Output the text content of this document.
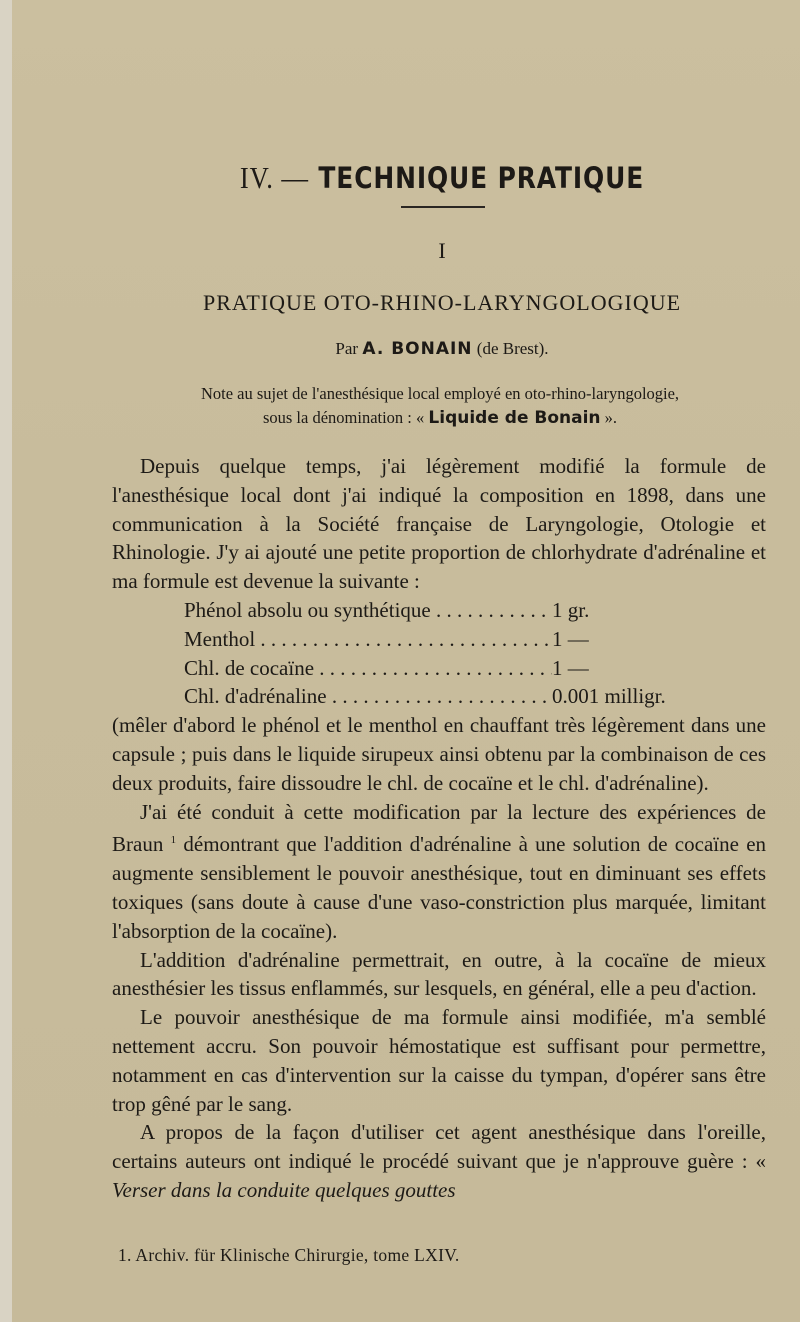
IV. — TECHNIQUE PRATIQUE
I
PRATIQUE OTO-RHINO-LARYNGOLOGIQUE
Par A. BONAIN (de Brest).
Note au sujet de l'anesthésique local employé en oto-rhino-laryngologie,
sous la dénomination : « Liquide de Bonain ».

Depuis quelque temps, j'ai légèrement modifié la formule de l'anesthésique local dont j'ai indiqué la composition en 1898, dans une communication à la Société française de Laryngologie, Otologie et Rhinologie. J'y ai ajouté une petite proportion de chlorhydrate d'adrénaline et ma formule est devenue la suivante :

Phénol absolu ou synthétique . . .	1 gr.
Menthol . . .	1 —
Chl. de cocaïne . . .	1 —
Chl. d'adrénaline . . .	0.001 milligr.

(mêler d'abord le phénol et le menthol en chauffant très légèrement dans une capsule ; puis dans le liquide sirupeux ainsi obtenu par la combinaison de ces deux produits, faire dissoudre le chl. de cocaïne et le chl. d'adrénaline).

J'ai été conduit à cette modification par la lecture des expériences de Braun $^1$ démontrant que l'addition d'adrénaline à une solution de cocaïne en augmente sensiblement le pouvoir anesthésique, tout en diminuant ses effets toxiques (sans doute à cause d'une vaso-constriction plus marquée, limitant l'absorption de la cocaïne).

L'addition d'adrénaline permettrait, en outre, à la cocaïne de mieux anesthésier les tissus enflammés, sur lesquels, en général, elle a peu d'action.

Le pouvoir anesthésique de ma formule ainsi modifiée, m'a semblé nettement accru. Son pouvoir hémostatique est suffisant pour permettre, notamment en cas d'intervention sur la caisse du tympan, d'opérer sans être trop gêné par le sang.

A propos de la façon d'utiliser cet agent anesthésique dans l'oreille, certains auteurs ont indiqué le procédé suivant que je n'approuve guère : « Verser dans la conduite quelques gouttes

1. Archiv. für Klinische Chirurgie, tome LXIV.
